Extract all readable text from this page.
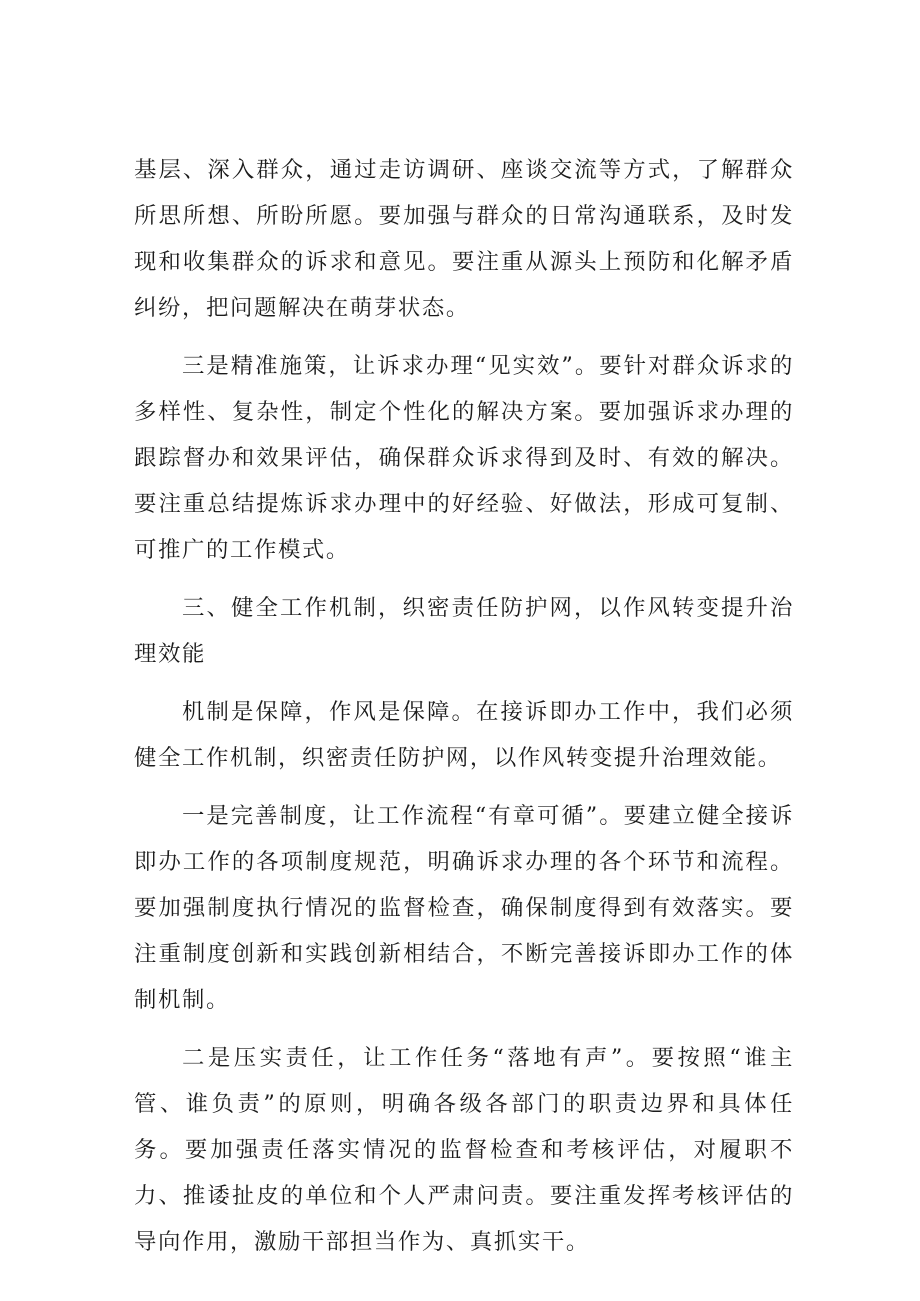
基层、深入群众，通过走访调研、座谈交流等方式，了解群众所思所想、所盼所愿。要加强与群众的日常沟通联系，及时发现和收集群众的诉求和意见。要注重从源头上预防和化解矛盾纠纷，把问题解决在萌芽状态。

三是精准施策，让诉求办理“见实效”。要针对群众诉求的多样性、复杂性，制定个性化的解决方案。要加强诉求办理的跟踪督办和效果评估，确保群众诉求得到及时、有效的解决。要注重总结提炼诉求办理中的好经验、好做法，形成可复制、可推广的工作模式。

三、健全工作机制，织密责任防护网，以作风转变提升治理效能

机制是保障，作风是保障。在接诉即办工作中，我们必须健全工作机制，织密责任防护网，以作风转变提升治理效能。

一是完善制度，让工作流程“有章可循”。要建立健全接诉即办工作的各项制度规范，明确诉求办理的各个环节和流程。要加强制度执行情况的监督检查，确保制度得到有效落实。要注重制度创新和实践创新相结合，不断完善接诉即办工作的体制机制。

二是压实责任，让工作任务“落地有声”。要按照“谁主管、谁负责”的原则，明确各级各部门的职责边界和具体任务。要加强责任落实情况的监督检查和考核评估，对履职不力、推诿扯皮的单位和个人严肃问责。要注重发挥考核评估的导向作用，激励干部担当作为、真抓实干。
